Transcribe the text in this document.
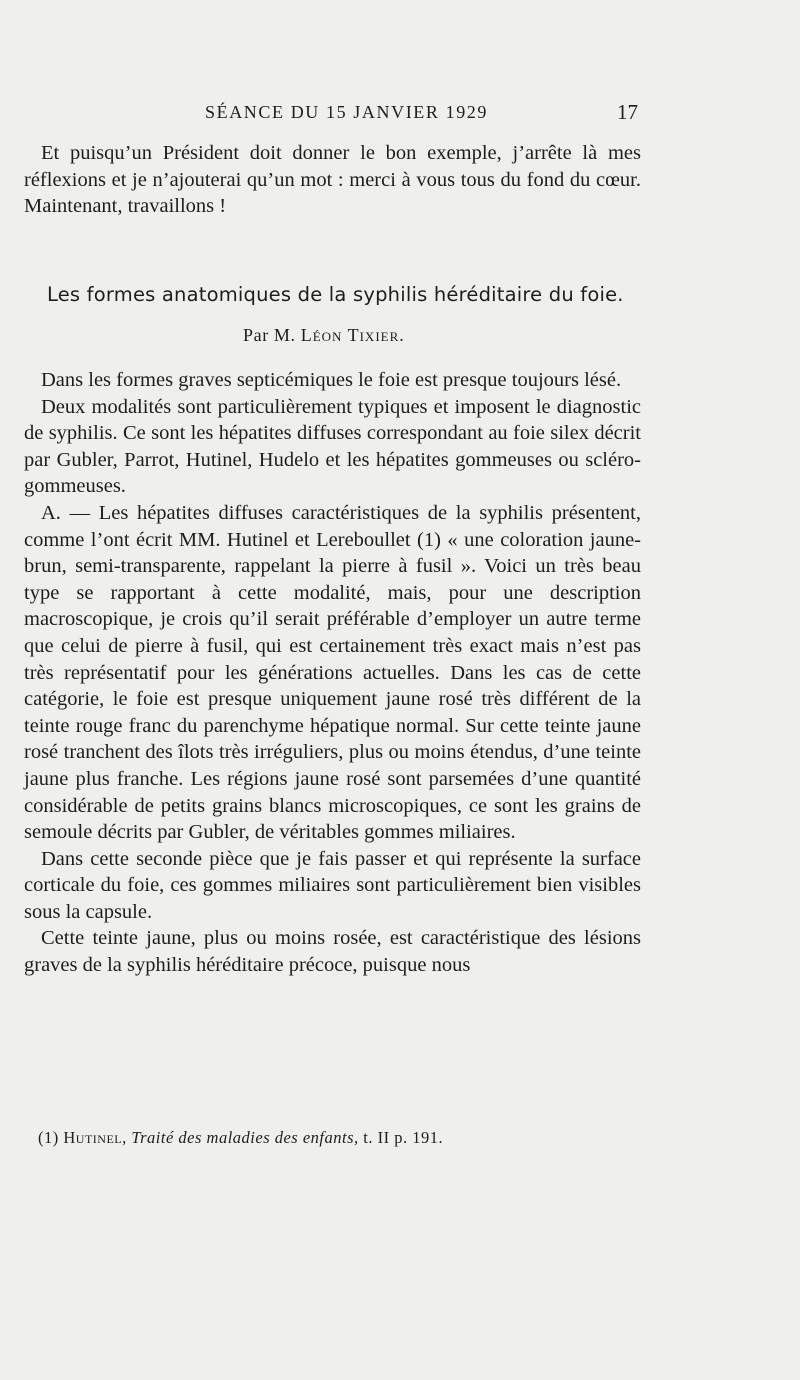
SÉANCE DU 15 JANVIER 1929	17

Et puisqu’un Président doit donner le bon exemple, j’arrête là mes réflexions et je n’ajouterai qu’un mot : merci à vous tous du fond du cœur. Maintenant, travaillons !

Les formes anatomiques de la syphilis héréditaire du foie.
Par M. Léon Tixier.

Dans les formes graves septicémiques le foie est presque toujours lésé.

Deux modalités sont particulièrement typiques et imposent le diagnostic de syphilis. Ce sont les hépatites diffuses correspondant au foie silex décrit par Gubler, Parrot, Hutinel, Hudelo et les hépatites gommeuses ou scléro-gommeuses.

A. — Les hépatites diffuses caractéristiques de la syphilis présentent, comme l’ont écrit MM. Hutinel et Lereboullet (1) « une coloration jaune-brun, semi-transparente, rappelant la pierre à fusil ». Voici un très beau type se rapportant à cette modalité, mais, pour une description macroscopique, je crois qu’il serait préférable d’employer un autre terme que celui de pierre à fusil, qui est certainement très exact mais n’est pas très représentatif pour les générations actuelles. Dans les cas de cette catégorie, le foie est presque uniquement jaune rosé très différent de la teinte rouge franc du parenchyme hépatique normal. Sur cette teinte jaune rosé tranchent des îlots très irréguliers, plus ou moins étendus, d’une teinte jaune plus franche. Les régions jaune rosé sont parsemées d’une quantité considérable de petits grains blancs microscopiques, ce sont les grains de semoule décrits par Gubler, de véritables gommes miliaires.

Dans cette seconde pièce que je fais passer et qui représente la surface corticale du foie, ces gommes miliaires sont particulièrement bien visibles sous la capsule.

Cette teinte jaune, plus ou moins rosée, est caractéristique des lésions graves de la syphilis héréditaire précoce, puisque nous

(1) Hutinel, Traité des maladies des enfants, t. II p. 191.
